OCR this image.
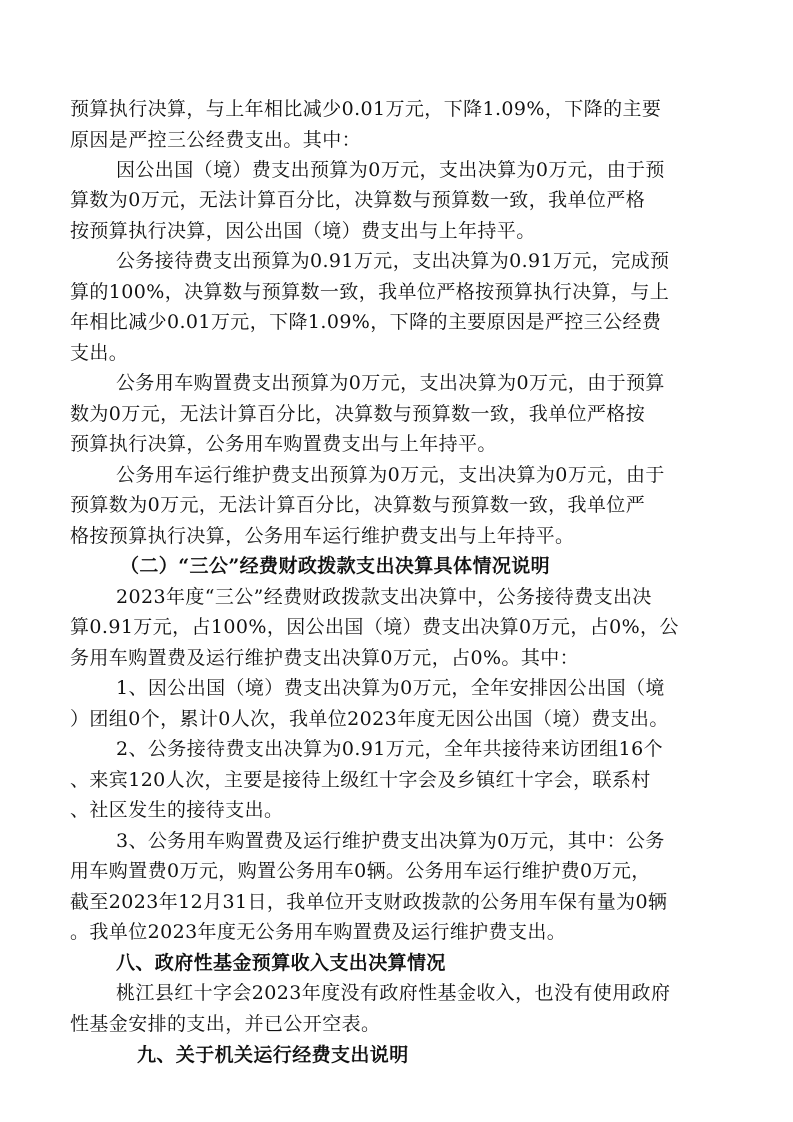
预算执行决算，与上年相比减少0.01万元，下降1.09%，下降的主要

原因是严控三公经费支出。其中：

因公出国（境）费支出预算为0万元，支出决算为0万元，由于预

算数为0万元，无法计算百分比，决算数与预算数一致，我单位严格

按预算执行决算，因公出国（境）费支出与上年持平。

公务接待费支出预算为0.91万元，支出决算为0.91万元，完成预

算的100%，决算数与预算数一致，我单位严格按预算执行决算，与上

年相比减少0.01万元，下降1.09%，下降的主要原因是严控三公经费

支出。

公务用车购置费支出预算为0万元，支出决算为0万元，由于预算

数为0万元，无法计算百分比，决算数与预算数一致，我单位严格按

预算执行决算，公务用车购置费支出与上年持平。

公务用车运行维护费支出预算为0万元，支出决算为0万元，由于

预算数为0万元，无法计算百分比，决算数与预算数一致，我单位严

格按预算执行决算，公务用车运行维护费支出与上年持平。

（二）“三公”经费财政拨款支出决算具体情况说明

2023年度“三公”经费财政拨款支出决算中，公务接待费支出决

算0.91万元，占100%，因公出国（境）费支出决算0万元，占0%，公

务用车购置费及运行维护费支出决算0万元，占0%。其中：

1、因公出国（境）费支出决算为0万元，全年安排因公出国（境

）团组0个，累计0人次，我单位2023年度无因公出国（境）费支出。

2、公务接待费支出决算为0.91万元，全年共接待来访团组16个

、来宾120人次，主要是接待上级红十字会及乡镇红十字会，联系村

、社区发生的接待支出。

3、公务用车购置费及运行维护费支出决算为0万元，其中：公务

用车购置费0万元，购置公务用车0辆。公务用车运行维护费0万元，

截至2023年12月31日，我单位开支财政拨款的公务用车保有量为0辆

。我单位2023年度无公务用车购置费及运行维护费支出。

八、政府性基金预算收入支出决算情况

桃江县红十字会2023年度没有政府性基金收入，也没有使用政府

性基金安排的支出，并已公开空表。

九、关于机关运行经费支出说明
